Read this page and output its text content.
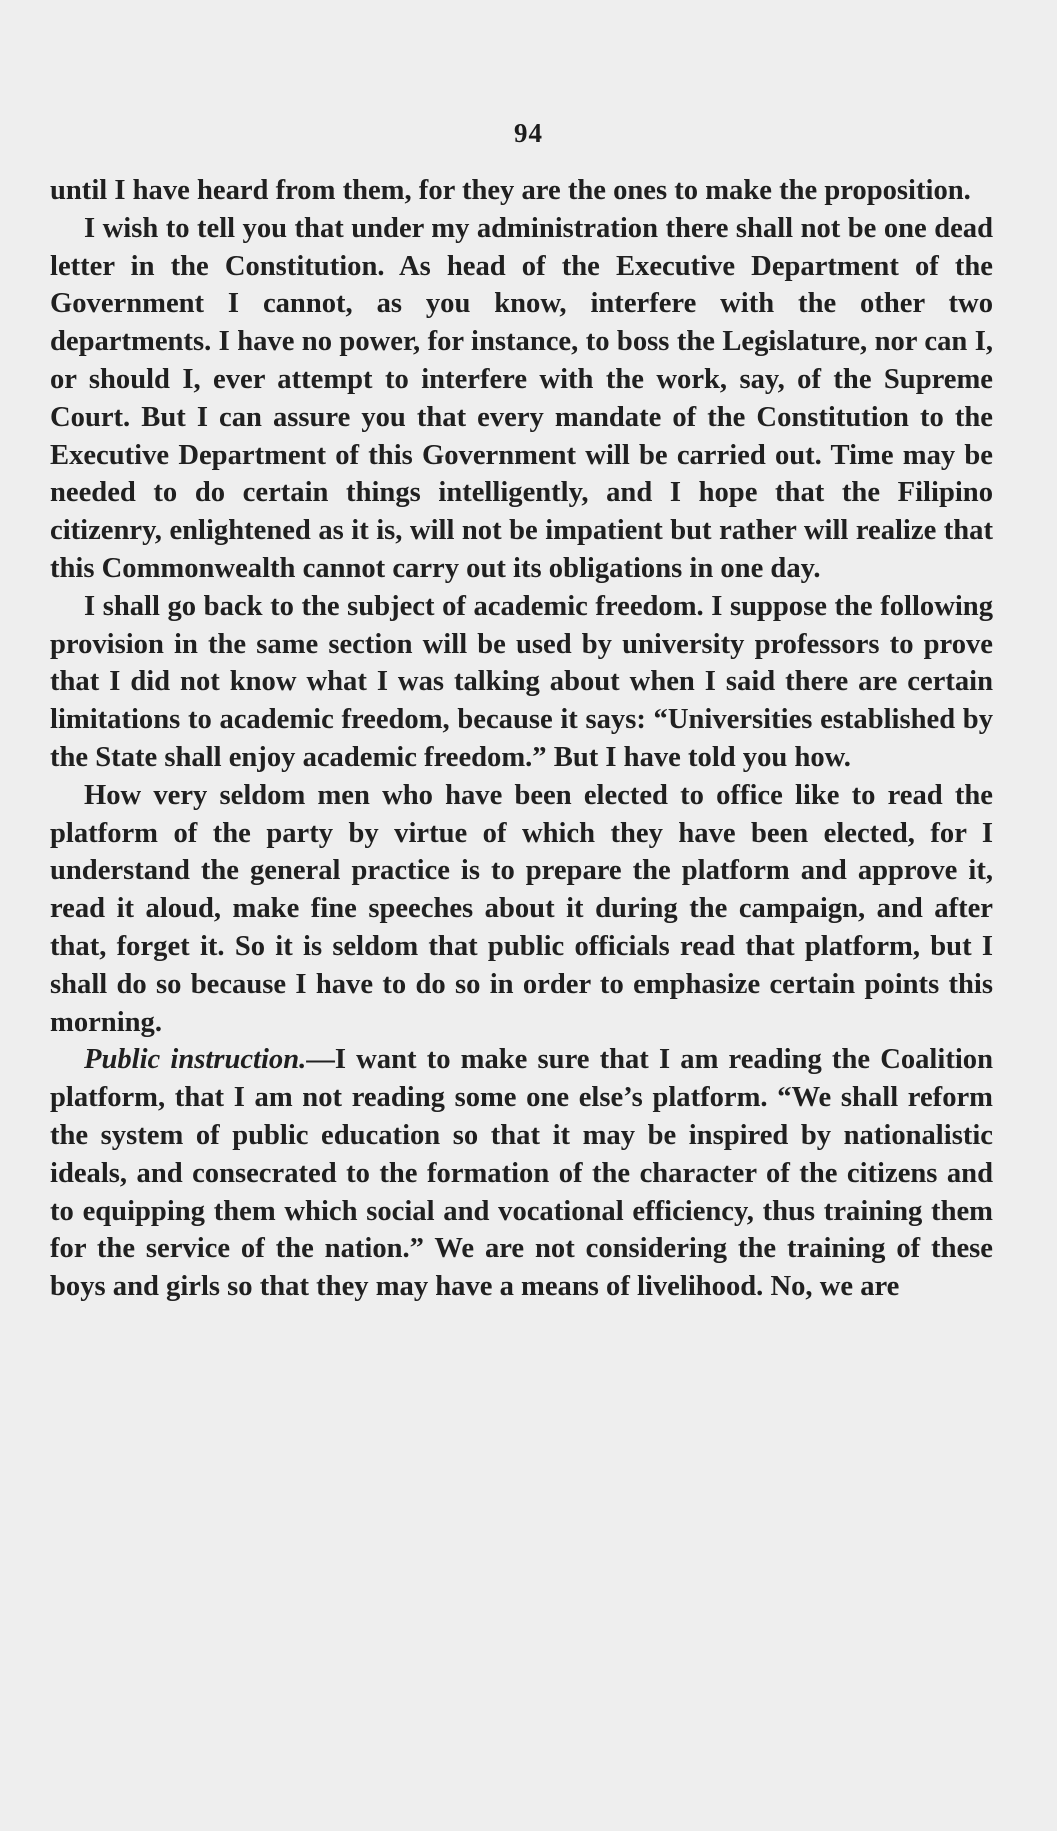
94

until I have heard from them, for they are the ones to make the proposition.

I wish to tell you that under my administration there shall not be one dead letter in the Constitution. As head of the Executive Department of the Government I cannot, as you know, interfere with the other two departments. I have no power, for instance, to boss the Legislature, nor can I, or should I, ever attempt to interfere with the work, say, of the Supreme Court. But I can assure you that every mandate of the Constitution to the Executive Department of this Government will be carried out. Time may be needed to do certain things intelligently, and I hope that the Filipino citizenry, enlightened as it is, will not be impatient but rather will realize that this Commonwealth cannot carry out its obligations in one day.

I shall go back to the subject of academic freedom. I suppose the following provision in the same section will be used by university professors to prove that I did not know what I was talking about when I said there are certain limitations to academic freedom, because it says: “Universities established by the State shall enjoy academic freedom.” But I have told you how.

How very seldom men who have been elected to office like to read the platform of the party by virtue of which they have been elected, for I understand the general practice is to prepare the platform and approve it, read it aloud, make fine speeches about it during the campaign, and after that, forget it. So it is seldom that public officials read that platform, but I shall do so because I have to do so in order to emphasize certain points this morning.

Public instruction.—I want to make sure that I am reading the Coalition platform, that I am not reading some one else’s platform. “We shall reform the system of public education so that it may be inspired by nationalistic ideals, and consecrated to the formation of the character of the citizens and to equipping them which social and vocational efficiency, thus training them for the service of the nation.” We are not considering the training of these boys and girls so that they may have a means of livelihood. No, we are
